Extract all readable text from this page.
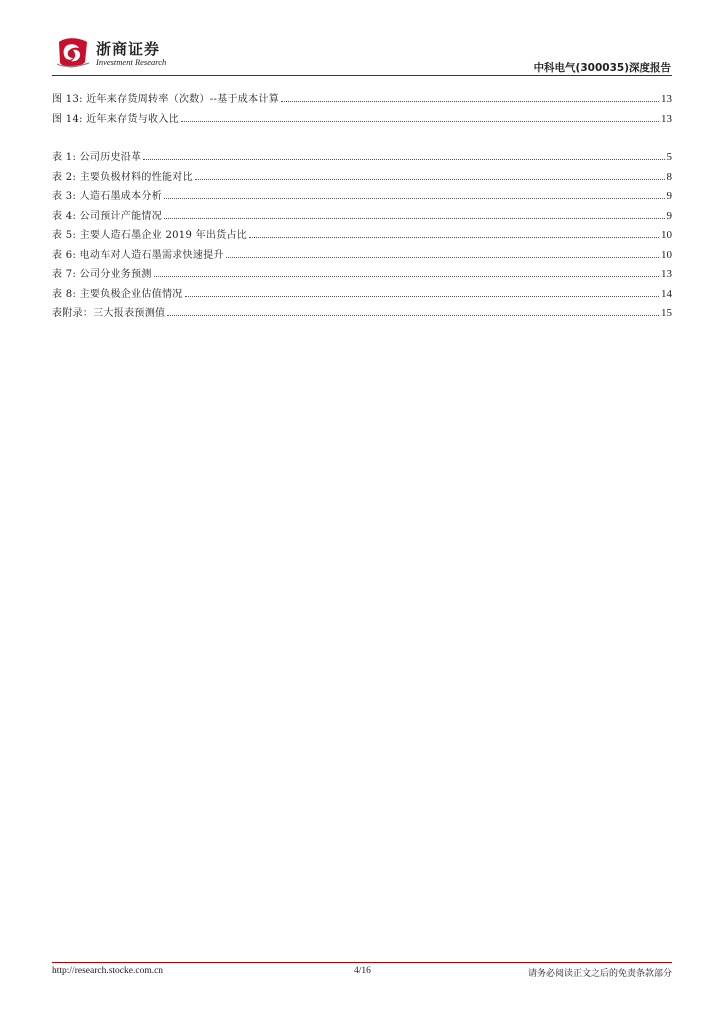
浙商证券
Investment Research	中科电气(300035)深度报告
图 13: 近年来存货周转率（次数）--基于成本计算	13
图 14: 近年来存货与收入比	13
表 1: 公司历史沿革	5
表 2: 主要负极材料的性能对比	8
表 3: 人造石墨成本分析	9
表 4: 公司预计产能情况	9
表 5: 主要人造石墨企业 2019 年出货占比	10
表 6: 电动车对人造石墨需求快速提升	10
表 7: 公司分业务预测	13
表 8: 主要负极企业估值情况	14
表附录：三大报表预测值	15
http://research.stocke.com.cn	4/16	请务必阅读正文之后的免责条款部分
